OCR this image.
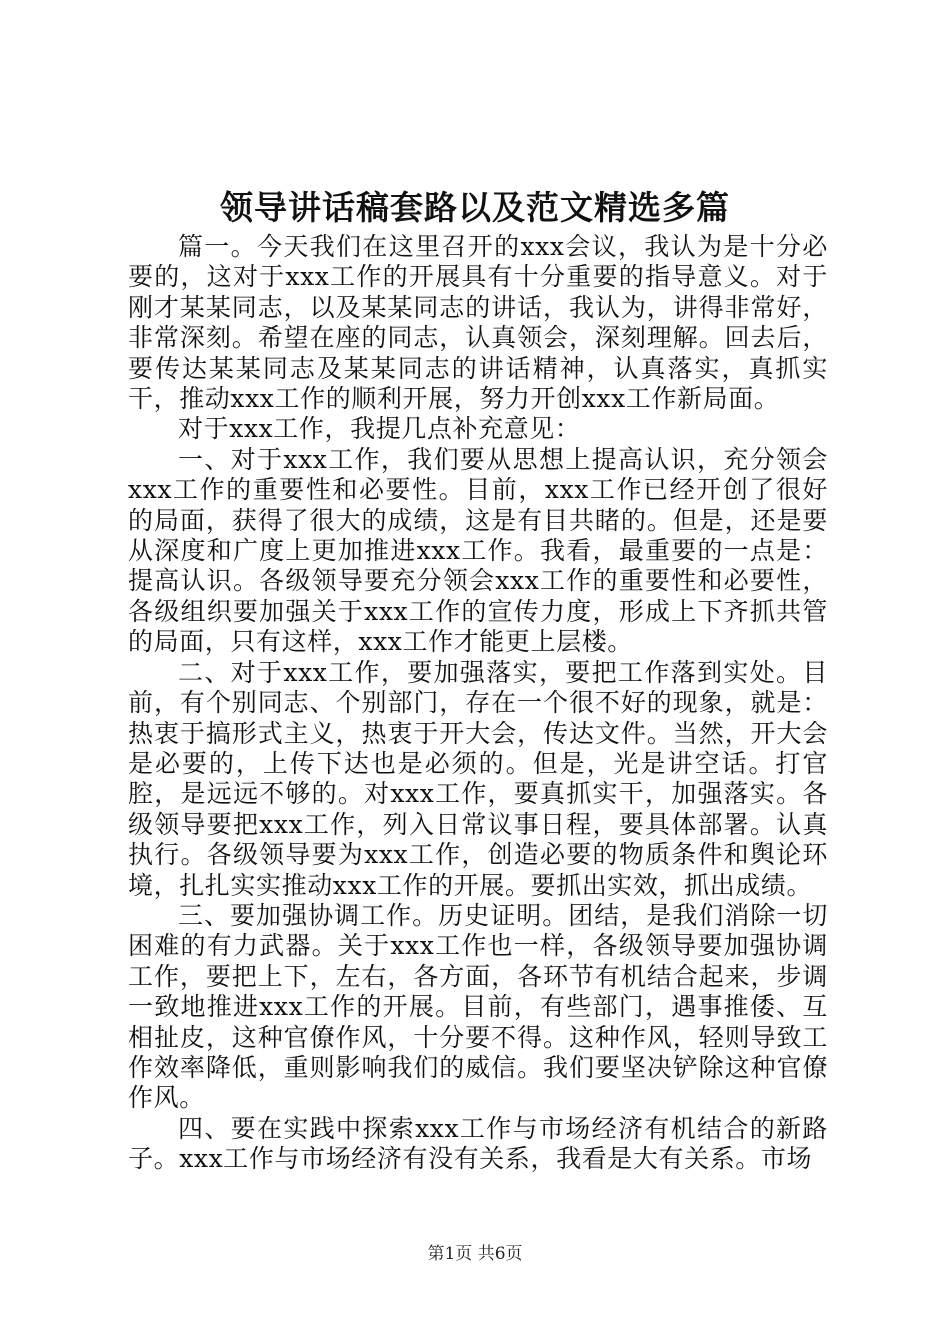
领导讲话稿套路以及范文精选多篇

篇一。今天我们在这里召开的xxx会议，我认为是十分必要的，这对于xxx工作的开展具有十分重要的指导意义。对于刚才某某同志，以及某某同志的讲话，我认为，讲得非常好，非常深刻。希望在座的同志，认真领会，深刻理解。回去后，要传达某某同志及某某同志的讲话精神，认真落实，真抓实干，推动xxx工作的顺利开展，努力开创xxx工作新局面。

对于xxx工作，我提几点补充意见：

一、对于xxx工作，我们要从思想上提高认识，充分领会xxx工作的重要性和必要性。目前，xxx工作已经开创了很好的局面，获得了很大的成绩，这是有目共睹的。但是，还是要从深度和广度上更加推进xxx工作。我看，最重要的一点是：提高认识。各级领导要充分领会xxx工作的重要性和必要性，各级组织要加强关于xxx工作的宣传力度，形成上下齐抓共管的局面，只有这样，xxx工作才能更上层楼。

二、对于xxx工作，要加强落实，要把工作落到实处。目前，有个别同志、个别部门，存在一个很不好的现象，就是：热衷于搞形式主义，热衷于开大会，传达文件。当然，开大会是必要的，上传下达也是必须的。但是，光是讲空话。打官腔，是远远不够的。对xxx工作，要真抓实干，加强落实。各级领导要把xxx工作，列入日常议事日程，要具体部署。认真执行。各级领导要为xxx工作，创造必要的物质条件和舆论环境，扎扎实实推动xxx工作的开展。要抓出实效，抓出成绩。

三、要加强协调工作。历史证明。团结，是我们消除一切困难的有力武器。关于xxx工作也一样，各级领导要加强协调工作，要把上下，左右，各方面，各环节有机结合起来，步调一致地推进xxx工作的开展。目前，有些部门，遇事推倭、互相扯皮，这种官僚作风，十分要不得。这种作风，轻则导致工作效率降低，重则影响我们的威信。我们要坚决铲除这种官僚作风。

四、要在实践中探索xxx工作与市场经济有机结合的新路子。xxx工作与市场经济有没有关系，我看是大有关系。市场

第1页 共6页
